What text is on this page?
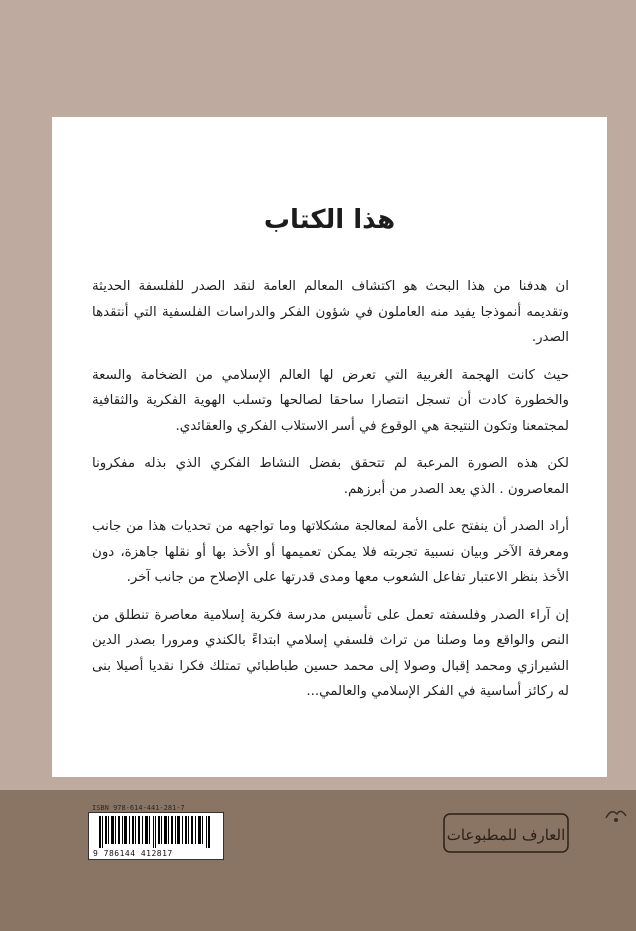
هذا الكتاب

ان هدفنا من هذا البحث هو اكتشاف المعالم العامة لنقد الصدر للفلسفة الحديثة وتقديمه أنموذجا يفيد منه العاملون في شؤون الفكر والدراسات الفلسفية التي أنتقدها الصدر.

حيث كانت الهجمة الغربية التي تعرض لها العالم الإسلامي من الضخامة والسعة والخطورة كادت أن تسجل انتصارا ساحقا لصالحها وتسلب الهوية الفكرية والثقافية لمجتمعنا وتكون النتيجة هي الوقوع في أسر الاستلاب الفكري والعقائدي.

لكن هذه الصورة المرعبة لم تتحقق بفضل النشاط الفكري الذي بذله مفكرونا المعاصرون . الذي يعد الصدر من أبرزهم.

أراد الصدر أن ينفتح على الأمة لمعالجة مشكلاتها وما تواجهه من تحديات هذا من جانب ومعرفة الآخر وبيان نسبية تجربته فلا يمكن تعميمها أو الأخذ بها أو نقلها جاهزة، دون الأخذ بنظر الاعتبار تفاعل الشعوب معها ومدى قدرتها على الإصلاح من جانب آخر.

إن آراء الصدر وفلسفته تعمل على تأسيس مدرسة فكرية إسلامية معاصرة تنطلق من النص والواقع وما وصلنا من تراث فلسفي إسلامي ابتداءً بالكندي ومرورا بصدر الدين الشيرازي ومحمد إقبال وصولا إلى محمد حسين طباطبائي تمتلك فكرا نقديا أصيلا بنى له ركائز أساسية في الفكر الإسلامي والعالمي...

ISBN 978-614-441-281-7
9 786144 412817
العارف للمطبوعات
